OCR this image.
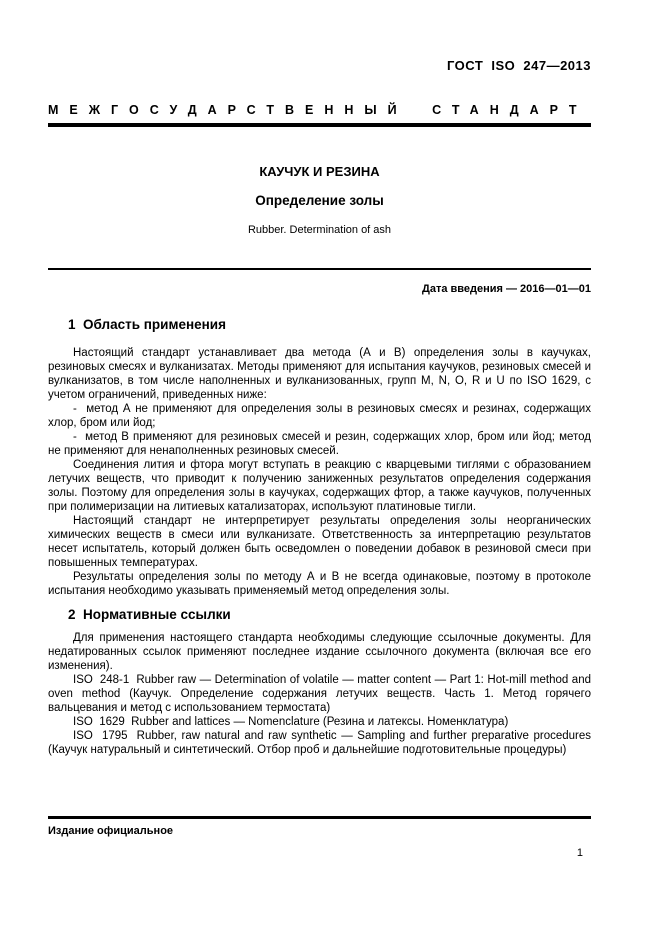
ГОСТ ISO 247—2013
МЕЖГОСУДАРСТВЕННЫЙ СТАНДАРТ
КАУЧУК И РЕЗИНА
Определение золы
Rubber. Determination of ash
Дата введения — 2016—01—01
1  Область применения

Настоящий стандарт устанавливает два метода (А и В) определения золы в каучуках, резиновых смесях и вулканизатах. Методы применяют для испытания каучуков, резиновых смесей и вулканизатов, в том числе наполненных и вулканизованных, групп M, N, O, R и U по ISO 1629, с учетом ограничений, приведенных ниже:

-  метод А не применяют для определения золы в резиновых смесях и резинах, содержащих хлор, бром или йод;

-  метод В применяют для резиновых смесей и резин, содержащих хлор, бром или йод; метод не применяют для ненаполненных резиновых смесей.

Соединения лития и фтора могут вступать в реакцию с кварцевыми тиглями с образованием летучих веществ, что приводит к получению заниженных результатов определения содержания золы. Поэтому для определения золы в каучуках, содержащих фтор, а также каучуков, полученных при полимеризации на литиевых катализаторах, используют платиновые тигли.

Настоящий стандарт не интерпретирует результаты определения золы неорганических химических веществ в смеси или вулканизате. Ответственность за интерпретацию результатов несет испытатель, который должен быть осведомлен о поведении добавок в резиновой смеси при повышенных температурах.

Результаты определения золы по методу А и В не всегда одинаковые, поэтому в протоколе испытания необходимо указывать применяемый метод определения золы.

2  Нормативные ссылки

Для применения настоящего стандарта необходимы следующие ссылочные документы. Для недатированных ссылок применяют последнее издание ссылочного документа (включая все его изменения).

ISO  248-1  Rubber raw — Determination of volatile — matter content — Part 1: Hot-mill method and oven method (Каучук. Определение содержания летучих веществ. Часть 1. Метод горячего вальцевания и метод с использованием термостата)

ISO  1629  Rubber and lattices — Nomenclature (Резина и латексы. Номенклатура)

ISO  1795  Rubber, raw natural and raw synthetic — Sampling and further preparative procedures (Каучук натуральный и синтетический. Отбор проб и дальнейшие подготовительные процедуры)

Издание официальное
1
